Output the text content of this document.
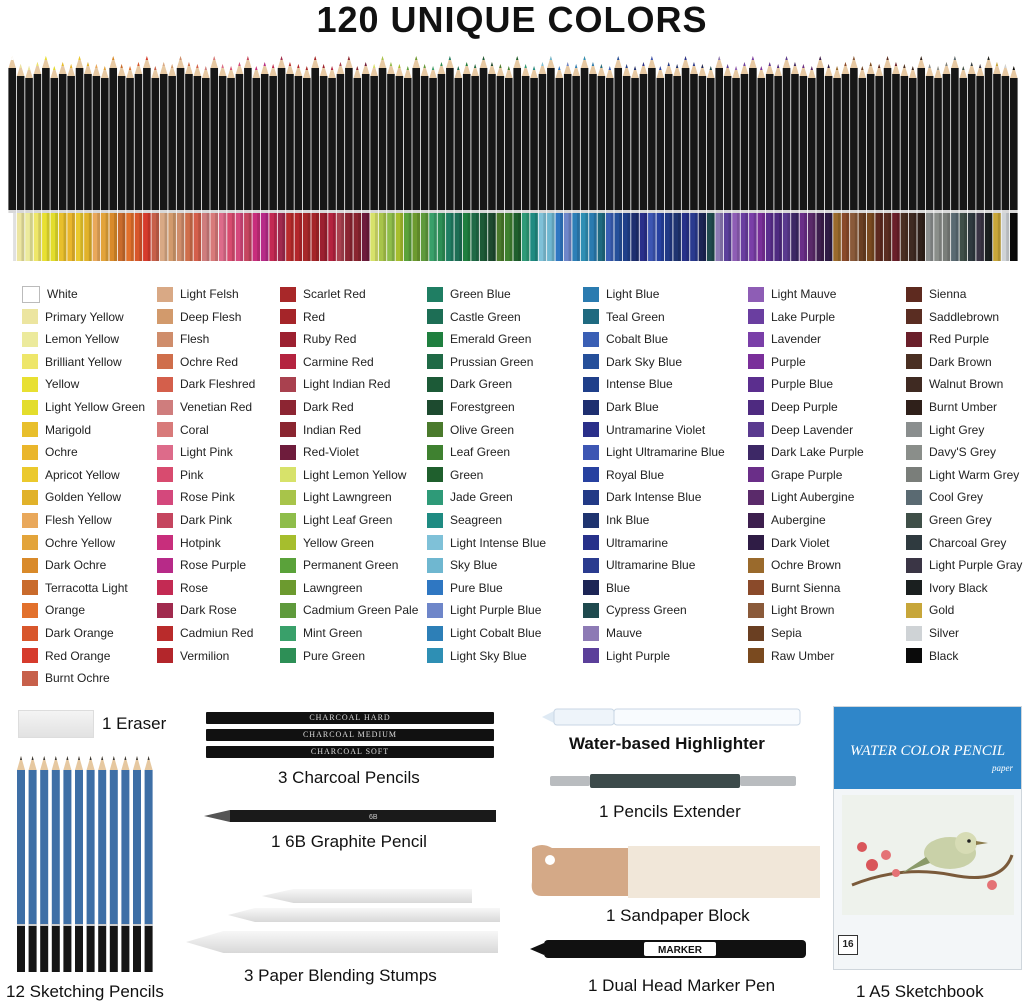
120 UNIQUE COLORS
White
Primary Yellow
Lemon Yellow
Brilliant Yellow
Yellow
Light Yellow Green
Marigold
Ochre
Apricot Yellow
Golden Yellow
Flesh Yellow
Ochre Yellow
Dark Ochre
Terracotta Light
Orange
Dark Orange
Red Orange
Burnt Ochre
Light Felsh
Deep Flesh
Flesh
Ochre Red
Dark Fleshred
Venetian Red
Coral
Light Pink
Pink
Rose Pink
Dark Pink
Hotpink
Rose Purple
Rose
Dark Rose
Cadmiun Red
Vermilion
Scarlet Red
Red
Ruby Red
Carmine Red
Light Indian Red
Dark Red
Indian Red
Red-Violet
Light Lemon Yellow
Light Lawngreen
Light Leaf Green
Yellow Green
Permanent Green
Lawngreen
Cadmium Green Pale
Mint Green
Pure Green
Green Blue
Castle Green
Emerald Green
Prussian Green
Dark Green
Forestgreen
Olive Green
Leaf Green
Green
Jade Green
Seagreen
Light Intense Blue
Sky Blue
Pure Blue
Light Purple Blue
Light Cobalt Blue
Light Sky Blue
Light Blue
Teal Green
Cobalt Blue
Dark Sky Blue
Intense Blue
Dark Blue
Untramarine Violet
Light Ultramarine Blue
Royal Blue
Dark Intense Blue
Ink Blue
Ultramarine
Ultramarine Blue
Blue
Cypress Green
Mauve
Light Purple
Light Mauve
Lake Purple
Lavender
Purple
Purple Blue
Deep Purple
Deep Lavender
Dark Lake Purple
Grape Purple
Light Aubergine
Aubergine
Dark Violet
Ochre Brown
Burnt Sienna
Light Brown
Sepia
Raw Umber
Sienna
Saddlebrown
Red Purple
Dark Brown
Walnut Brown
Burnt Umber
Light Grey
Davy'S Grey
Light Warm Grey
Cool Grey
Green Grey
Charcoal Grey
Light Purple Gray
Ivory Black
Gold
Silver
Black
1 Eraser	CHARCOAL HARD
CHARCOAL MEDIUM
CHARCOAL SOFT
3 Charcoal Pencils
6B
1 6B Graphite Pencil
3 Paper Blending Stumps
12 Sketching Pencils
Water-based Highlighter
1 Pencils Extender
1 Sandpaper Block
MARKER
1 Dual Head Marker Pen
WATER COLOR PENCIL
paper
16
1 A5 Sketchbook
